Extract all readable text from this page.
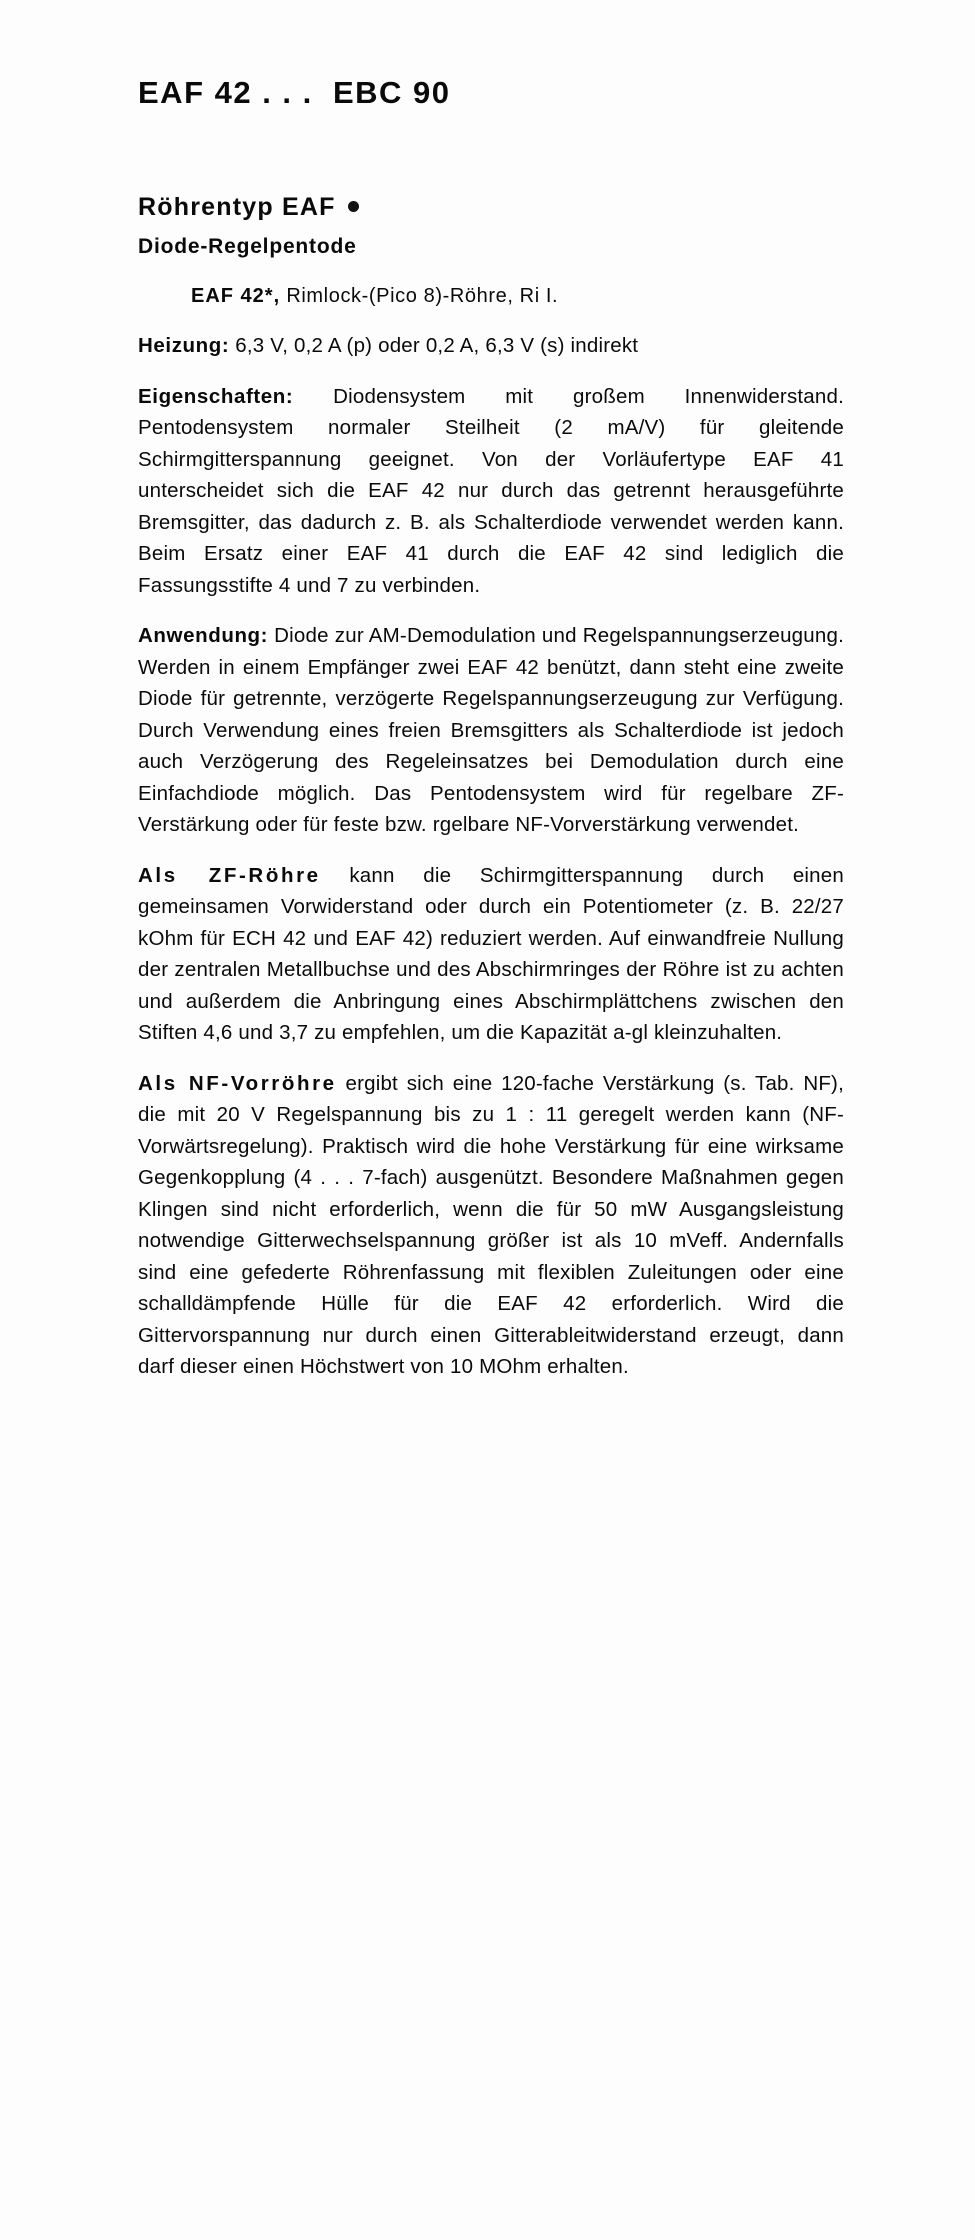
EAF 42 . . .  EBC 90
Röhrentyp EAF
Diode-Regelpentode
EAF 42*, Rimlock-(Pico 8)-Röhre, Ri I.

Heizung: 6,3 V, 0,2 A (p) oder 0,2 A, 6,3 V (s) indirekt

Eigenschaften: Diodensystem mit großem Innenwiderstand. Pentodensystem normaler Steilheit (2 mA/V) für gleitende Schirmgitterspannung geeignet. Von der Vorläufertype EAF 41 unterscheidet sich die EAF 42 nur durch das getrennt herausgeführte Bremsgitter, das dadurch z. B. als Schalterdiode verwendet werden kann. Beim Ersatz einer EAF 41 durch die EAF 42 sind lediglich die Fassungsstifte 4 und 7 zu verbinden.

Anwendung: Diode zur AM-Demodulation und Regelspannungserzeugung. Werden in einem Empfänger zwei EAF 42 benützt, dann steht eine zweite Diode für getrennte, verzögerte Regelspannungserzeugung zur Verfügung. Durch Verwendung eines freien Bremsgitters als Schalterdiode ist jedoch auch Verzögerung des Regeleinsatzes bei Demodulation durch eine Einfachdiode möglich. Das Pentodensystem wird für regelbare ZF-Verstärkung oder für feste bzw. rgelbare NF-Vorverstärkung verwendet.

Als ZF-Röhre kann die Schirmgitterspannung durch einen gemeinsamen Vorwiderstand oder durch ein Potentiometer (z. B. 22/27 kOhm für ECH 42 und EAF 42) reduziert werden. Auf einwandfreie Nullung der zentralen Metallbuchse und des Abschirmringes der Röhre ist zu achten und außerdem die Anbringung eines Abschirmplättchens zwischen den Stiften 4,6 und 3,7 zu empfehlen, um die Kapazität a-gl kleinzuhalten.

Als NF-Vorröhre ergibt sich eine 120-fache Verstärkung (s. Tab. NF), die mit 20 V Regelspannung bis zu 1 : 11 geregelt werden kann (NF-Vorwärtsregelung). Praktisch wird die hohe Verstärkung für eine wirksame Gegenkopplung (4 . . . 7-fach) ausgenützt. Besondere Maßnahmen gegen Klingen sind nicht erforderlich, wenn die für 50 mW Ausgangsleistung notwendige Gitterwechselspannung größer ist als 10 mVeff. Andernfalls sind eine gefederte Röhrenfassung mit flexiblen Zuleitungen oder eine schalldämpfende Hülle für die EAF 42 erforderlich. Wird die Gittervorspannung nur durch einen Gitterableitwiderstand erzeugt, dann darf dieser einen Höchstwert von 10 MOhm erhalten.
